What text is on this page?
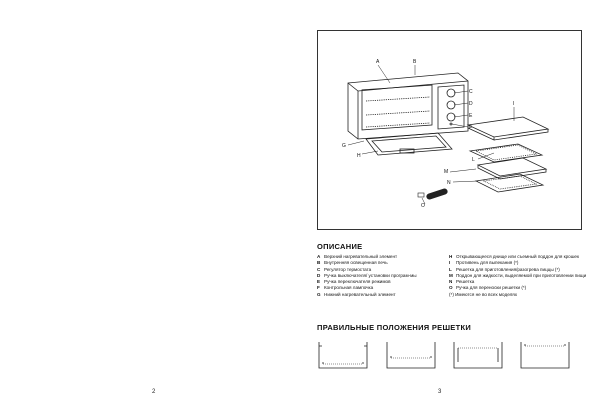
2
A	B
C
D
E
F
G
H
I
L
M
N
O
ОПИСАНИЕ
A Верхний нагревательный элемент
B Внутренняя освещенная печь
C Регулятор термостата
D Ручка выключателя/ установки програм-мы
E Ручка переключателя режимов
F Контрольная лампочка
G Нижний нагревательный элемент
H Открывающееся днище или съемный поддон для крошек
I	Противень для выпекания (*)
L Решетка для приготовления/разогрева пиццы (*)
M Поддон для жидкости, выделяемой при приготовлении пищи
N Решетка
O Ручка для переноски решетки (*)
(*) Имеются не во всех моделях
ПРАВИЛЬНЫЕ ПОЛОЖЕНИЯ РЕШЕТКИ
3
